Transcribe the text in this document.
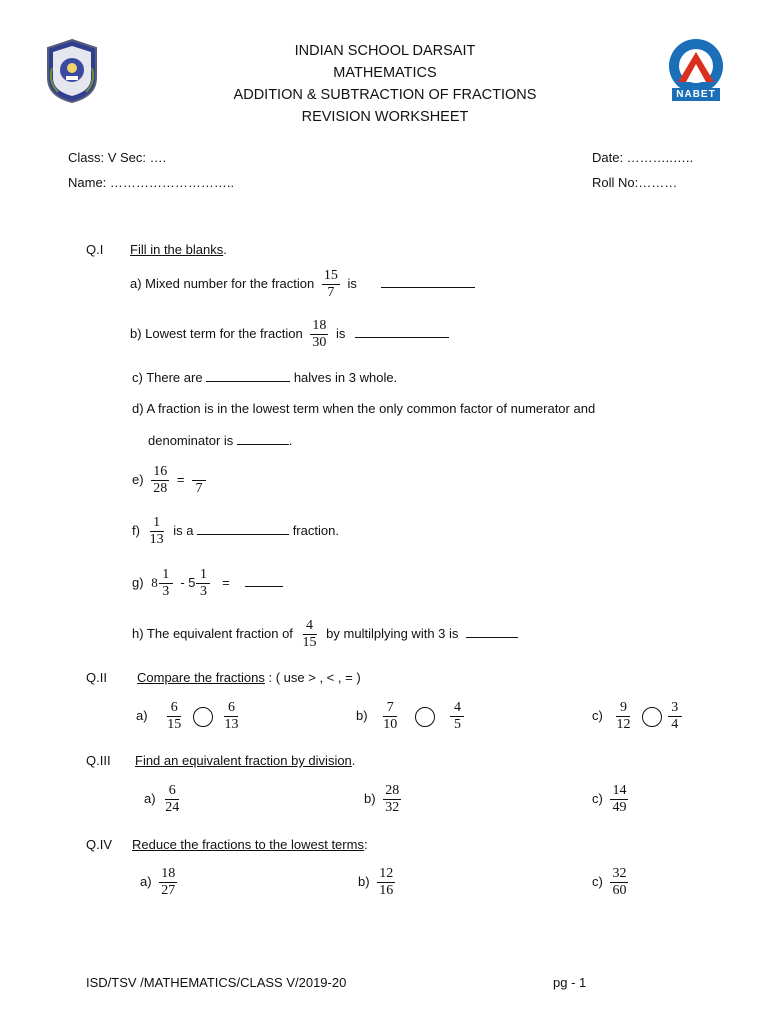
NABET
INDIAN SCHOOL DARSAIT
MATHEMATICS
ADDITION & SUBTRACTION OF FRACTIONS
REVISION WORKSHEET
Class: V Sec: ….
Name: ………………………..
Date: ………..…..
Roll No:………
Q.I Fill in the blanks.
a) Mixed number for the fraction $\frac{15}{7}$ is
b) Lowest term for the fraction $\frac{18}{30}$ is
c) There are	halves in 3 whole.
d) A fraction is in the lowest term when the only common factor of numerator and
denominator is	.
$e) \frac{16}{28}$ =

7
$f) \frac{1}{13}$ is a	fraction.
g) $8 \frac{1}{3} - 5 \frac{1}{3}$ =
h) The equivalent fraction of $\frac{4}{15}$ by multilplying with 3 is
Q.II Compare the fractions : ( use > , < , = )
$a) \frac{6}{15}$
	$\frac{6}{13}$	$b) \frac{7}{10}$
	$\frac{4}{5}$	$c) \frac{9}{12}$
	$\frac{3}{4}$
Q.III Find an equivalent fraction by division.
$a) \frac{6}{24}$	$b) \frac{28}{32}$	$c) \frac{14}{49}$
Q.IV Reduce the fractions to the lowest terms:
$a) \frac{18}{27}$	$b) \frac{12}{16}$	$c) \frac{32}{60}$
ISD/TSV /MATHEMATICS/CLASS V/2019-20	pg - 1
